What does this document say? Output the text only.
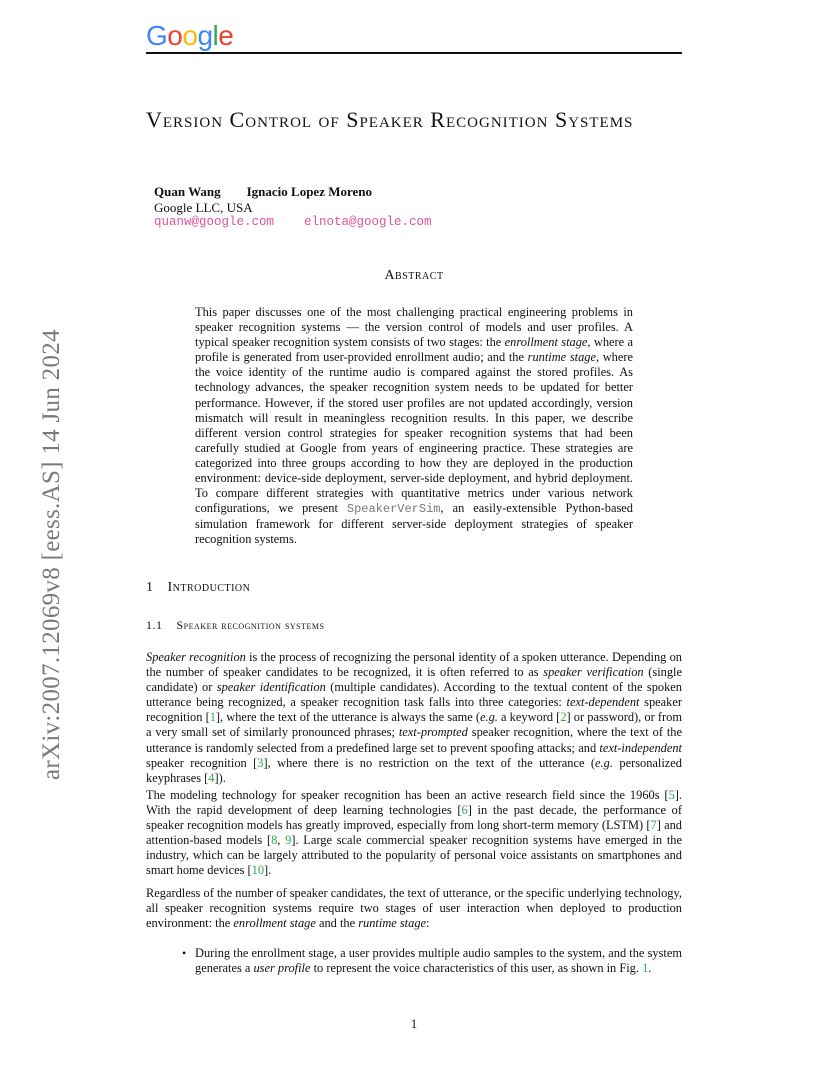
Google
Version Control of Speaker Recognition Systems
Quan Wang Ignacio Lopez Moreno
Google LLC, USA
quanw@google.com elnota@google.com
Abstract
This paper discusses one of the most challenging practical engineering problems in speaker recognition systems — the version control of models and user profiles. A typical speaker recognition system consists of two stages: the enrollment stage, where a profile is generated from user-provided enrollment audio; and the runtime stage, where the voice identity of the runtime audio is compared against the stored profiles. As technology advances, the speaker recognition system needs to be updated for better performance. However, if the stored user profiles are not updated accordingly, version mismatch will result in meaningless recognition results. In this paper, we describe different version control strategies for speaker recognition systems that had been carefully studied at Google from years of engineering practice. These strategies are categorized into three groups according to how they are deployed in the production environment: device-side deployment, server-side deployment, and hybrid deployment. To compare different strategies with quantitative metrics under various network configurations, we present SpeakerVerSim, an easily-extensible Python-based simulation framework for different server-side deployment strategies of speaker recognition systems.
1 Introduction
1.1 Speaker recognition systems
Speaker recognition is the process of recognizing the personal identity of a spoken utterance. Depending on the number of speaker candidates to be recognized, it is often referred to as speaker verification (single candidate) or speaker identification (multiple candidates). According to the textual content of the spoken utterance being recognized, a speaker recognition task falls into three categories: text-dependent speaker recognition [1], where the text of the utterance is always the same (e.g. a keyword [2] or password), or from a very small set of similarly pronounced phrases; text-prompted speaker recognition, where the text of the utterance is randomly selected from a predefined large set to prevent spoofing attacks; and text-independent speaker recognition [3], where there is no restriction on the text of the utterance (e.g. personalized keyphrases [4]).
The modeling technology for speaker recognition has been an active research field since the 1960s [5]. With the rapid development of deep learning technologies [6] in the past decade, the performance of speaker recognition models has greatly improved, especially from long short-term memory (LSTM) [7] and attention-based models [8, 9]. Large scale commercial speaker recognition systems have emerged in the industry, which can be largely attributed to the popularity of personal voice assistants on smartphones and smart home devices [10].
Regardless of the number of speaker candidates, the text of utterance, or the specific underlying technology, all speaker recognition systems require two stages of user interaction when deployed to production environment: the enrollment stage and the runtime stage:
• During the enrollment stage, a user provides multiple audio samples to the system, and the system generates a user profile to represent the voice characteristics of this user, as shown in Fig. 1.
1
arXiv:2007.12069v8 [eess.AS] 14 Jun 2024
